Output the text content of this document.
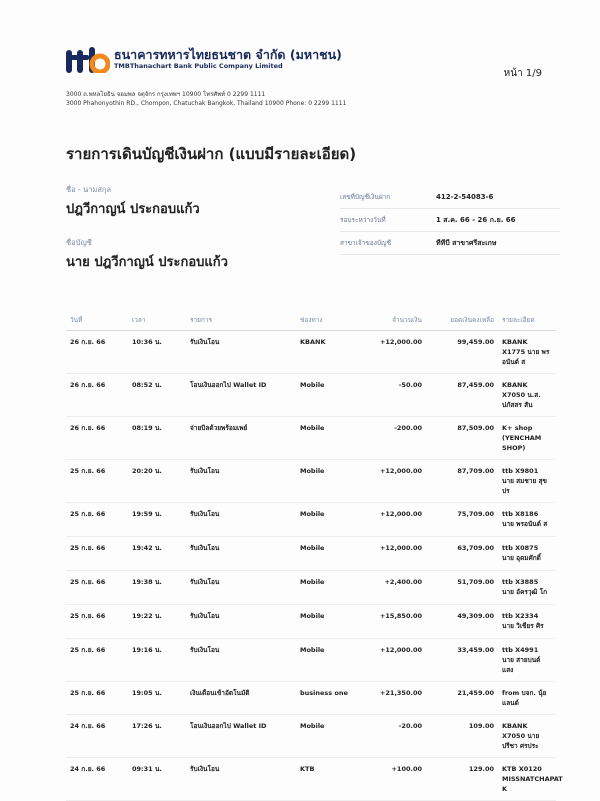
ธนาคารทหารไทยธนชาต จำกัด (มหาชน)
TMBThanachart Bank Public Company Limited
หน้า 1/9
3000 ถ.พหลโยธิน จอมพล จตุจักร กรุงเทพฯ 10900 โทรศัพท์ 0 2299 1111
3000 Phahonyothin RD., Chompon, Chatuchak Bangkok, Thailand 10900 Phone: 0 2299 1111
รายการเดินบัญชีเงินฝาก (แบบมีรายละเอียด)
ชื่อ - นามสกุล
ปฎวีกาญน์ ประกอบแก้ว
ชื่อบัญชี
นาย ปฎวีกาญน์ ประกอบแก้ว
เลขที่บัญชีเงินฝาก	412-2-54083-6
รอบระหว่างวันที่	1 ส.ค. 66 - 26 ก.ย. 66
สาขาเจ้าของบัญชี	ทีทีบี สาขาศรีสะเกษ
วันที่	เวลา	รายการ	ช่องทาง	จำนวนเงิน	ยอดเงินคงเหลือ	รายละเอียด
26 ก.ย. 66	10:36 น.	รับเงินโอน	KBANK	+12,000.00	99,459.00	KBANK X1775 นาย พรอนันต์ ส
26 ก.ย. 66	08:52 น.	โอนเงินออกไป Wallet ID	Mobile	-50.00	87,459.00	KBANK X7050 น.ส. ปภัสสร สัน
26 ก.ย. 66	08:19 น.	จ่ายบิลด้วยพร้อมเพย์	Mobile	-200.00	87,509.00	K+ shop (YENCHAM SHOP)
25 ก.ย. 66	20:20 น.	รับเงินโอน	Mobile	+12,000.00	87,709.00	ttb X9801 นาย สมชาย สุขปร
25 ก.ย. 66	19:59 น.	รับเงินโอน	Mobile	+12,000.00	75,709.00	ttb X8186 นาย พรอนันต์ ส
25 ก.ย. 66	19:42 น.	รับเงินโอน	Mobile	+12,000.00	63,709.00	ttb X0875 นาย อุดมศักดิ์
25 ก.ย. 66	19:38 น.	รับเงินโอน	Mobile	+2,400.00	51,709.00	ttb X3885 นาย อัครวุฒิ โก
25 ก.ย. 66	19:22 น.	รับเงินโอน	Mobile	+15,850.00	49,309.00	ttb X2334 นาย วิเชียร ศิร
25 ก.ย. 66	19:16 น.	รับเงินโอน	Mobile	+12,000.00	33,459.00	ttb X4991 นาย สายบนต์ แสง
25 ก.ย. 66	19:05 น.	เงินเดือนเข้าอัตโนมัติ	business one	+21,350.00	21,459.00	from บจก. นุ้ยแลนด์
24 ก.ย. 66	17:26 น.	โอนเงินออกไป Wallet ID	Mobile	-20.00	109.00	KBANK X7050 นาย ปรีชา ศรประ
24 ก.ย. 66	09:31 น.	รับเงินโอน	KTB	+100.00	129.00	KTB X0120 MISSNATCHAPAT K
